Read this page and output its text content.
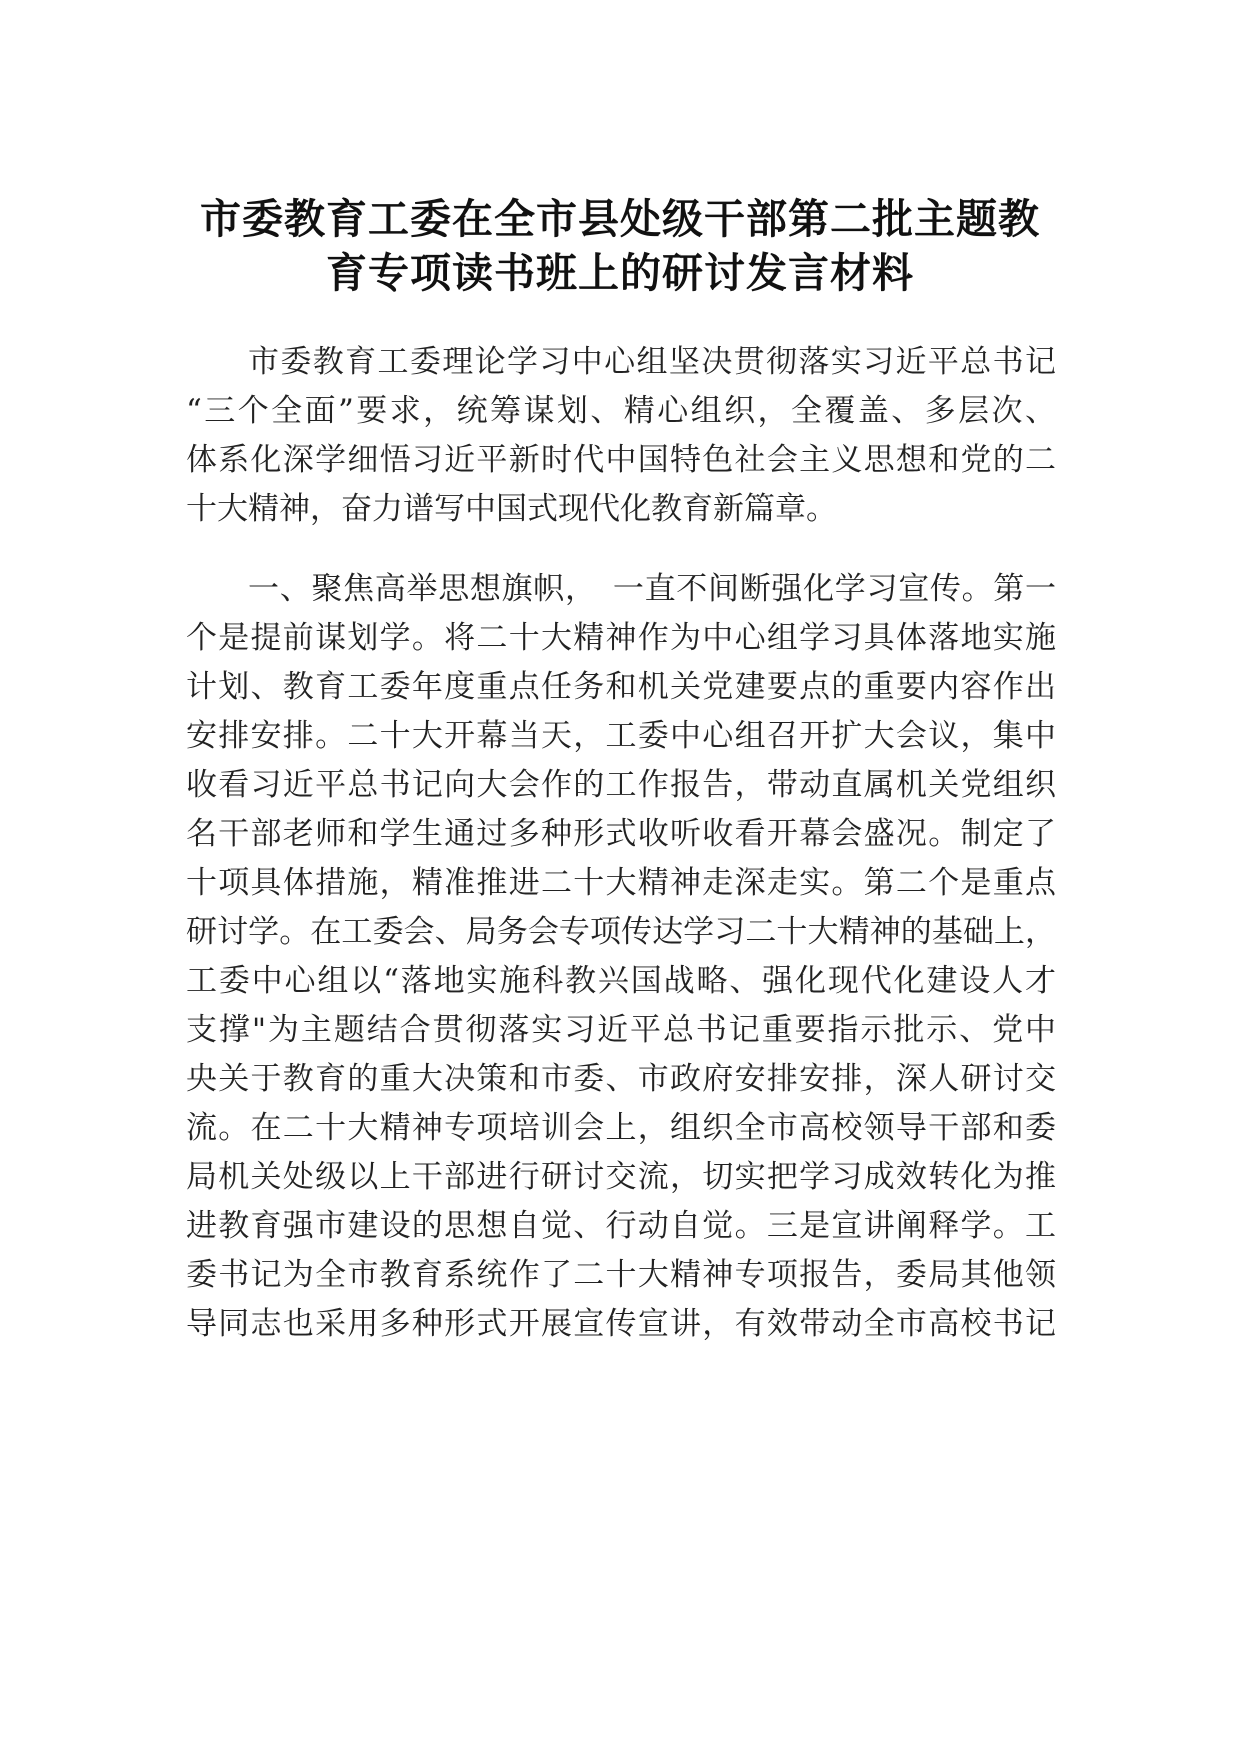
市委教育工委在全市县处级干部第二批主题教
育专项读书班上的研讨发言材料
市委教育工委理论学习中心组坚决贯彻落实习近平总书记
“三个全面”要求，统筹谋划、精心组织，全覆盖、多层次、
体系化深学细悟习近平新时代中国特色社会主义思想和党的二
十大精神，奋力谱写中国式现代化教育新篇章。
一、聚焦高举思想旗帜，　一直不间断强化学习宣传。第一
个是提前谋划学。将二十大精神作为中心组学习具体落地实施
计划、教育工委年度重点任务和机关党建要点的重要内容作出
安排安排。二十大开幕当天，工委中心组召开扩大会议，集中
收看习近平总书记向大会作的工作报告，带动直属机关党组织
名干部老师和学生通过多种形式收听收看开幕会盛况。制定了
十项具体措施，精准推进二十大精神走深走实。第二个是重点
研讨学。在工委会、局务会专项传达学习二十大精神的基础上，
工委中心组以“落地实施科教兴国战略、强化现代化建设人才
支撑"为主题结合贯彻落实习近平总书记重要指示批示、党中
央关于教育的重大决策和市委、市政府安排安排，深人研讨交
流。在二十大精神专项培训会上，组织全市高校领导干部和委
局机关处级以上干部进行研讨交流，切实把学习成效转化为推
进教育强市建设的思想自觉、行动自觉。三是宣讲阐释学。工
委书记为全市教育系统作了二十大精神专项报告，委局其他领
导同志也采用多种形式开展宣传宣讲，有效带动全市高校书记
